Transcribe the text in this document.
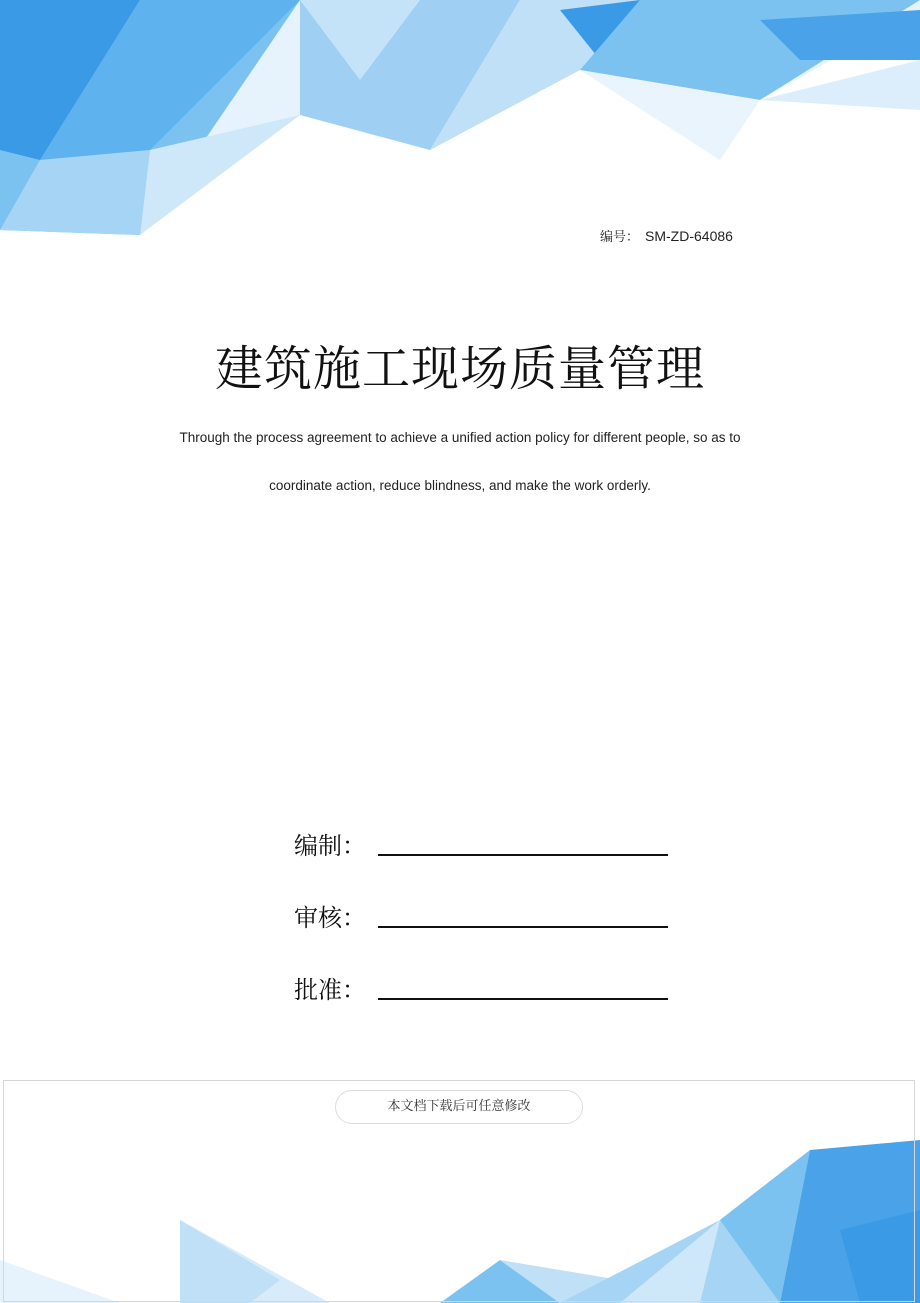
编号： SM-ZD-64086
建筑施工现场质量管理
Through the process agreement to achieve a unified action policy for different people, so as to
coordinate action, reduce blindness, and make the work orderly.
编制：
审核：
批准：
本文档下载后可任意修改
